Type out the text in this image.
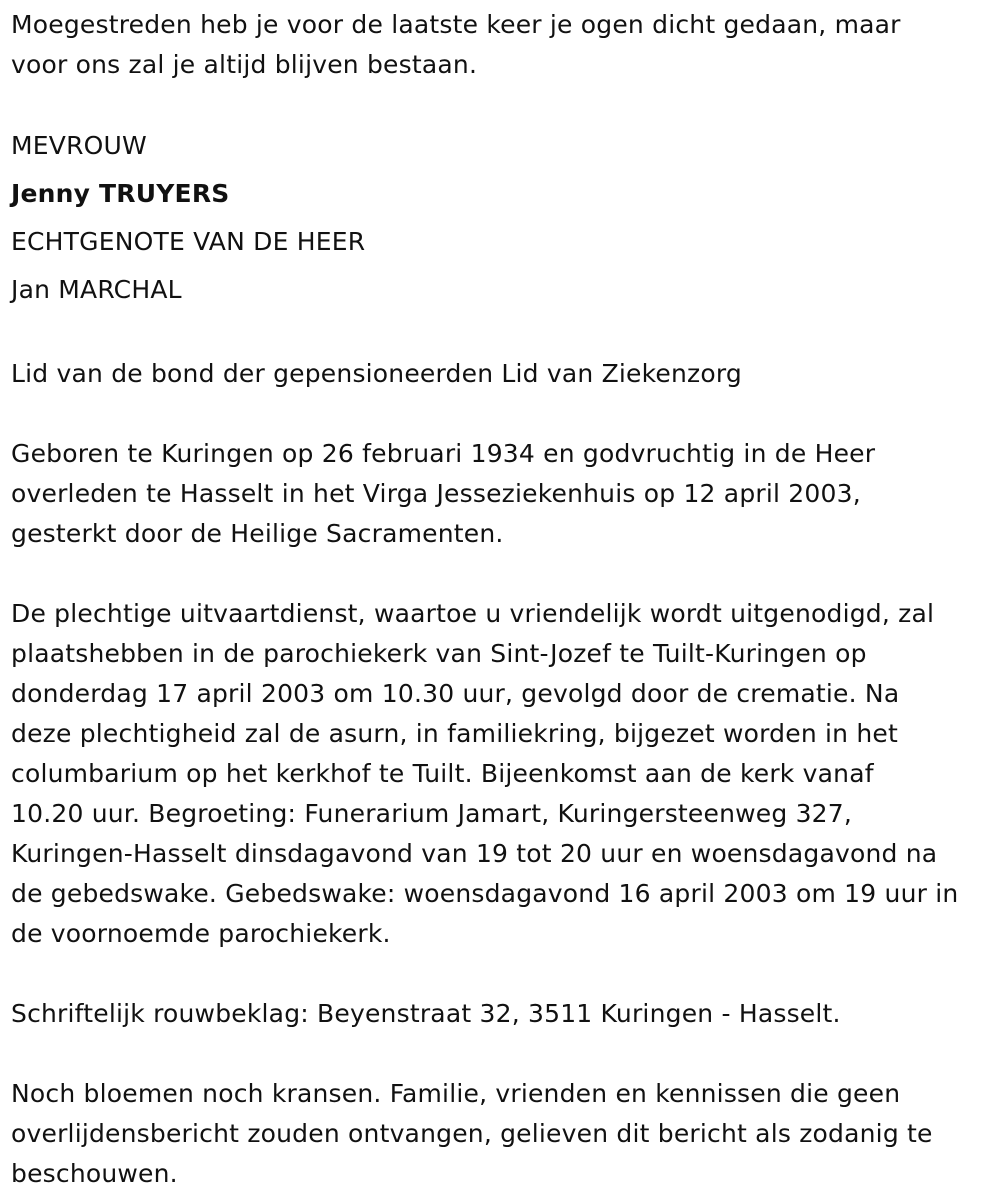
Moegestreden heb je voor de laatste keer je ogen dicht gedaan, maar
voor ons zal je altijd blijven bestaan.
MEVROUW
Jenny TRUYERS
ECHTGENOTE VAN DE HEER
Jan MARCHAL
Lid van de bond der gepensioneerden Lid van Ziekenzorg
Geboren te Kuringen op 26 februari 1934 en godvruchtig in de Heer
overleden te Hasselt in het Virga Jesseziekenhuis op 12 april 2003,
gesterkt door de Heilige Sacramenten.
De plechtige uitvaartdienst, waartoe u vriendelijk wordt uitgenodigd, zal
plaatshebben in de parochiekerk van Sint-Jozef te Tuilt-Kuringen op
donderdag 17 april 2003 om 10.30 uur, gevolgd door de crematie. Na
deze plechtigheid zal de asurn, in familiekring, bijgezet worden in het
columbarium op het kerkhof te Tuilt. Bijeenkomst aan de kerk vanaf
10.20 uur. Begroeting: Funerarium Jamart, Kuringersteenweg 327,
Kuringen-Hasselt dinsdagavond van 19 tot 20 uur en woensdagavond na
de gebedswake. Gebedswake: woensdagavond 16 april 2003 om 19 uur in
de voornoemde parochiekerk.
Schriftelijk rouwbeklag: Beyenstraat 32, 3511 Kuringen - Hasselt.
Noch bloemen noch kransen. Familie, vrienden en kennissen die geen
overlijdensbericht zouden ontvangen, gelieven dit bericht als zodanig te
beschouwen.
